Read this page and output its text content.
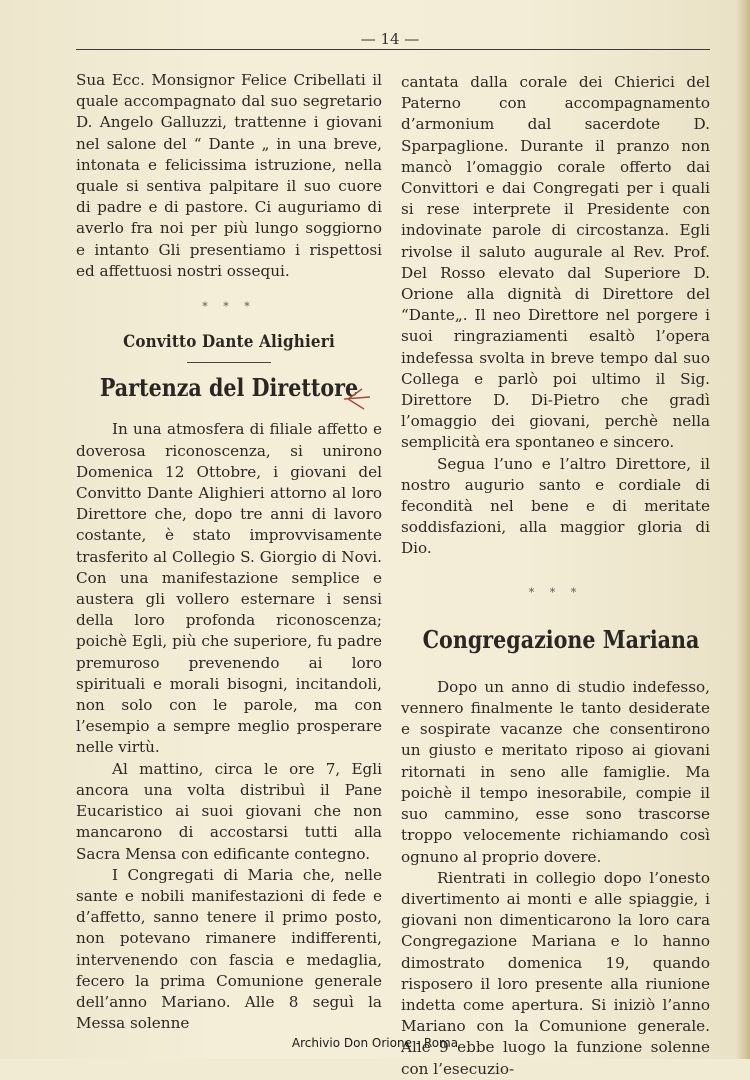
— 14 —

Sua Ecc. Monsignor Felice Cribellati il quale accompagnato dal suo segretario D. Angelo Galluzzi, trattenne i giovani nel salone del “ Dante „ in una breve, intonata e felicissima istruzione, nella quale si sentiva palpitare il suo cuore di padre e di pastore. Ci auguriamo di averlo fra noi per più lungo soggiorno e intanto Gli presentiamo i rispettosi ed affettuosi nostri ossequi.

* * *

Convitto Dante Alighieri

Partenza del Direttore

In una atmosfera di filiale affetto e doverosa riconoscenza, si unirono Domenica 12 Ottobre, i giovani del Convitto Dante Alighieri attorno al loro Direttore che, dopo tre anni di lavoro costante, è stato improvvisamente trasferito al Collegio S. Giorgio di Novi. Con una manifestazione semplice e austera gli vollero esternare i sensi della loro profonda riconoscenza; poichè Egli, più che superiore, fu padre premuroso prevenendo ai loro spirituali e morali bisogni, incitandoli, non solo con le parole, ma con l’esempio a sempre meglio prosperare nelle virtù.

Al mattino, circa le ore 7, Egli ancora una volta distribuì il Pane Eucaristico ai suoi giovani che non mancarono di accostarsi tutti alla Sacra Mensa con edificante contegno.

I Congregati di Maria che, nelle sante e nobili manifestazioni di fede e d’affetto, sanno tenere il primo posto, non potevano rimanere indifferenti, intervenendo con fascia e medaglia, fecero la prima Comunione generale dell’anno Mariano. Alle 8 seguì la Messa solenne

cantata dalla corale dei Chierici del Paterno con accompagnamento d’armonium dal sacerdote D. Sparpaglione. Durante il pranzo non mancò l’omaggio corale offerto dai Convittori e dai Congregati per i quali si rese interprete il Presidente con indovinate parole di circostanza. Egli rivolse il saluto augurale al Rev. Prof. Del Rosso elevato dal Superiore D. Orione alla dignità di Direttore del “Dante„. Il neo Direttore nel porgere i suoi ringraziamenti esaltò l’opera indefessa svolta in breve tempo dal suo Collega e parlò poi ultimo il Sig. Direttore D. Di-Pietro che gradì l’omaggio dei giovani, perchè nella semplicità era spontaneo e sincero.

Segua l’uno e l’altro Direttore, il nostro augurio santo e cordiale di fecondità nel bene e di meritate soddisfazioni, alla maggior gloria di Dio.

* * *

Congregazione Mariana

Dopo un anno di studio indefesso, vennero finalmente le tanto desiderate e sospirate vacanze che consentirono un giusto e meritato riposo ai giovani ritornati in seno alle famiglie. Ma poichè il tempo inesorabile, compie il suo cammino, esse sono trascorse troppo velocemente richiamando così ognuno al proprio dovere.

Rientrati in collegio dopo l’onesto divertimento ai monti e alle spiaggie, i giovani non dimenticarono la loro cara Congregazione Mariana e lo hanno dimostrato domenica 19, quando risposero il loro presente alla riunione indetta come apertura. Si iniziò l’anno Mariano con la Comunione generale. Alle 9 ebbe luogo la funzione solenne con l’esecuzio-

Archivio Don Orione - Roma
